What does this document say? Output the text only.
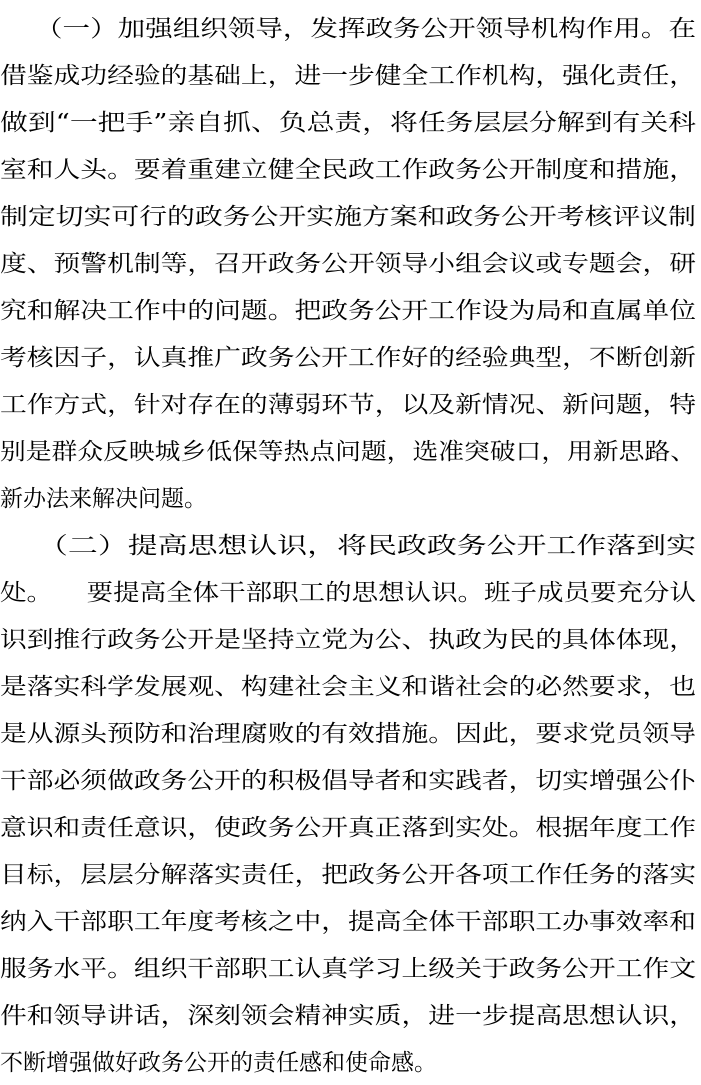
（一）加强组织领导，发挥政务公开领导机构作用。在
借鉴成功经验的基础上，进一步健全工作机构，强化责任，
做到“一把手”亲自抓、负总责，将任务层层分解到有关科
室和人头。要着重建立健全民政工作政务公开制度和措施，
制定切实可行的政务公开实施方案和政务公开考核评议制
度、预警机制等，召开政务公开领导小组会议或专题会，研
究和解决工作中的问题。把政务公开工作设为局和直属单位
考核因子，认真推广政务公开工作好的经验典型，不断创新
工作方式，针对存在的薄弱环节，以及新情况、新问题，特
别是群众反映城乡低保等热点问题，选准突破口，用新思路、
新办法来解决问题。
（二）提高思想认识，将民政政务公开工作落到实
处。    要提高全体干部职工的思想认识。班子成员要充分认
识到推行政务公开是坚持立党为公、执政为民的具体体现，
是落实科学发展观、构建社会主义和谐社会的必然要求，也
是从源头预防和治理腐败的有效措施。因此，要求党员领导
干部必须做政务公开的积极倡导者和实践者，切实增强公仆
意识和责任意识，使政务公开真正落到实处。根据年度工作
目标，层层分解落实责任，把政务公开各项工作任务的落实
纳入干部职工年度考核之中，提高全体干部职工办事效率和
服务水平。组织干部职工认真学习上级关于政务公开工作文
件和领导讲话，深刻领会精神实质，进一步提高思想认识，
不断增强做好政务公开的责任感和使命感。
